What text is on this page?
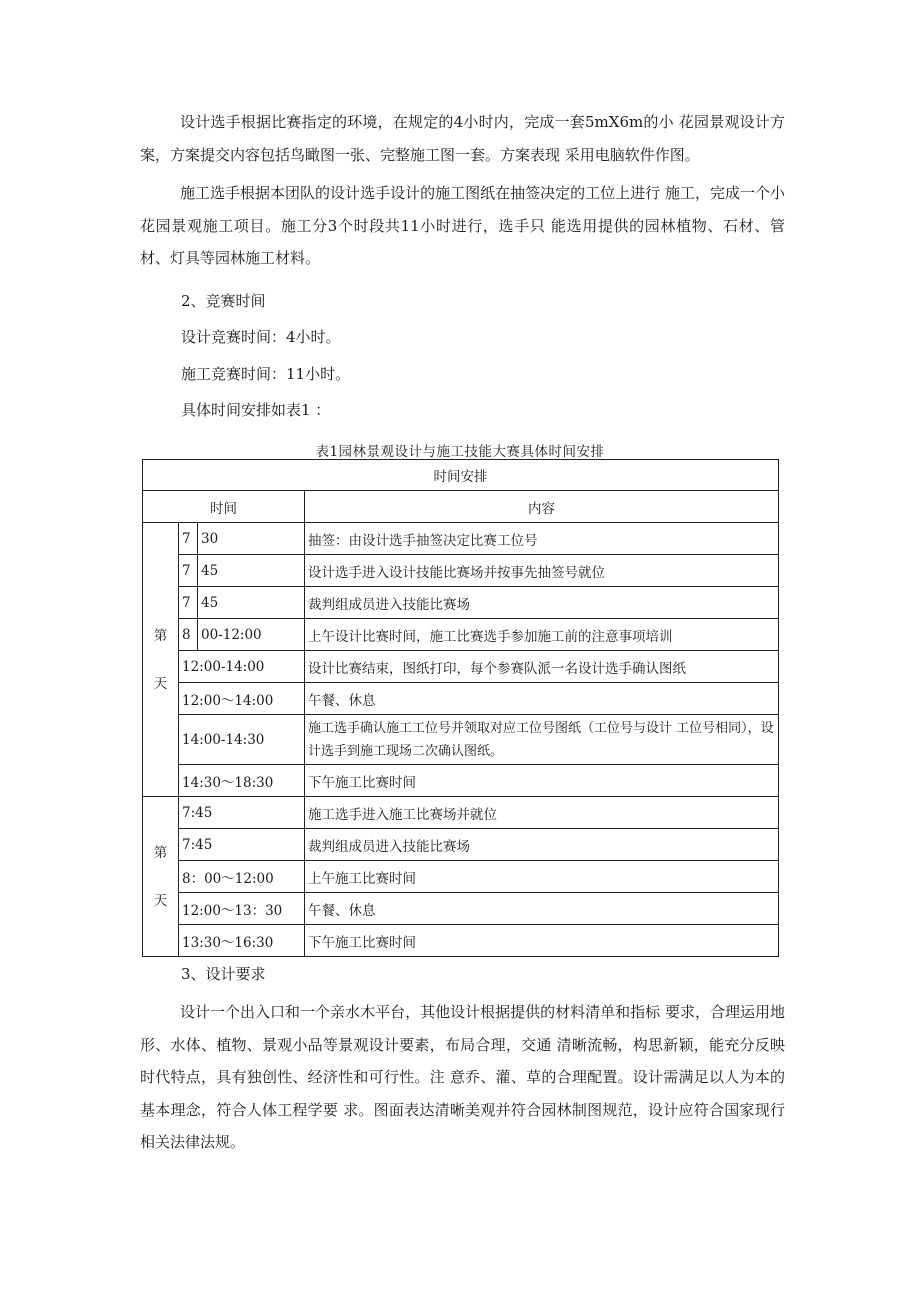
设计选手根据比赛指定的环境，在规定的4小时内，完成一套5mX6m的小 花园景观设计方案，方案提交内容包括鸟瞰图一张、完整施工图一套。方案表现 采用电脑软件作图。

施工选手根据本团队的设计选手设计的施工图纸在抽签决定的工位上进行 施工，完成一个小花园景观施工项目。施工分3个时段共11小时进行，选手只 能选用提供的园林植物、石材、管材、灯具等园林施工材料。

2、竞赛时间
设计竞赛时间：4小时。
施工竞赛时间：11小时。
具体时间安排如表1 ：
表1园林景观设计与施工技能大赛具体时间安排
时间安排			
时间			内容

第
天	7	30	抽签：由设计选手抽签决定比赛工位号
	7	45	设计选手进入设计技能比赛场并按事先抽签号就位
	7	45	裁判组成员进入技能比赛场
	8	00-12:00	上午设计比赛时间，施工比赛选手参加施工前的注意事项培训
	12:00-14:00		设计比赛结束，图纸打印，每个参赛队派一名设计选手确认图纸
	12:00～14:00		午餐、休息
	14:00-14:30		施工选手确认施工工位号并领取对应工位号图纸（工位号与设计 工位号相同），设计选手到施工现场二次确认图纸。
	14:30～18:30		下午施工比赛时间

第
天	7:45		施工选手进入施工比赛场并就位
	7:45		裁判组成员进入技能比赛场
	8：00～12:00		上午施工比赛时间
	12:00～13：30		午餐、休息
	13:30～16:30		下午施工比赛时间
3、设计要求

设计一个出入口和一个亲水木平台，其他设计根据提供的材料清单和指标 要求，合理运用地形、水体、植物、景观小品等景观设计要素，布局合理，交通 清晰流畅，构思新颖，能充分反映时代特点，具有独创性、经济性和可行性。注 意乔、灌、草的合理配置。设计需满足以人为本的基本理念，符合人体工程学要 求。图面表达清晰美观并符合园林制图规范，设计应符合国家现行相关法律法规。
